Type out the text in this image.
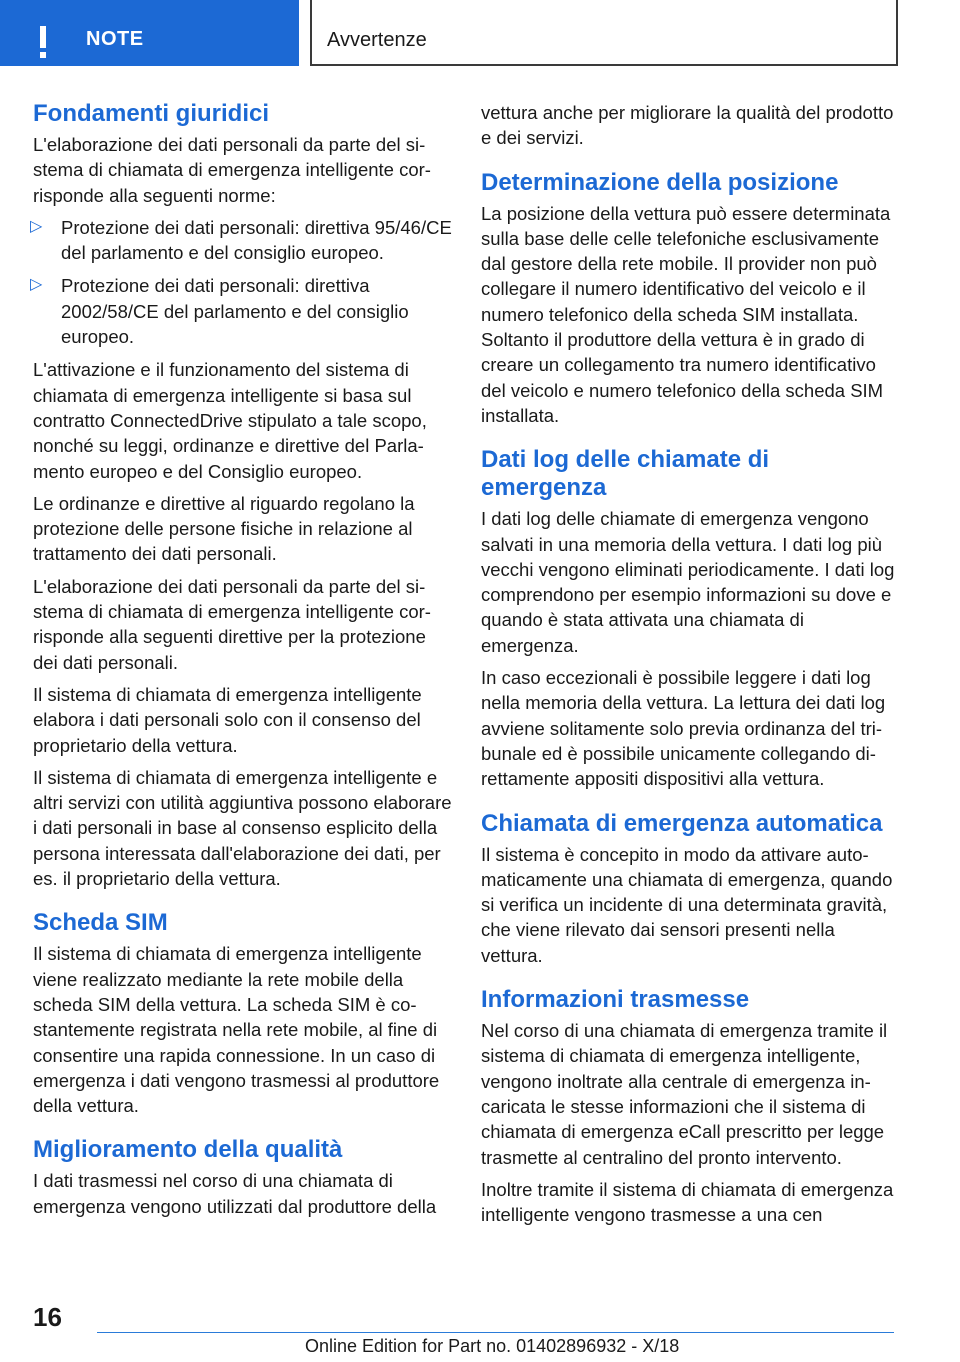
NOTE	Avvertenze
Fondamenti giuridici

L'elaborazione dei dati personali da parte del sistema di chiamata di emergenza intelligente corrisponde alla seguenti norme:

▷ Protezione dei dati personali: direttiva 95/46/CE del parlamento e del consiglio europeo.
▷ Protezione dei dati personali: direttiva 2002/58/CE del parlamento e del consiglio europeo.

L'attivazione e il funzionamento del sistema di chiamata di emergenza intelligente si basa sul contratto ConnectedDrive stipulato a tale scopo, nonché su leggi, ordinanze e direttive del Parlamento europeo e del Consiglio europeo.

Le ordinanze e direttive al riguardo regolano la protezione delle persone fisiche in relazione al trattamento dei dati personali.

L'elaborazione dei dati personali da parte del sistema di chiamata di emergenza intelligente corrisponde alla seguenti direttive per la protezione dei dati personali.

Il sistema di chiamata di emergenza intelligente elabora i dati personali solo con il consenso del proprietario della vettura.

Il sistema di chiamata di emergenza intelligente e altri servizi con utilità aggiuntiva possono elaborare i dati personali in base al consenso esplicito della persona interessata dall'elaborazione dei dati, per es. il proprietario della vettura.

Scheda SIM

Il sistema di chiamata di emergenza intelligente viene realizzato mediante la rete mobile della scheda SIM della vettura. La scheda SIM è costantemente registrata nella rete mobile, al fine di consentire una rapida connessione. In un caso di emergenza i dati vengono trasmessi al produttore della vettura.

Miglioramento della qualità

I dati trasmessi nel corso di una chiamata di emergenza vengono utilizzati dal produttore della

vettura anche per migliorare la qualità del prodotto e dei servizi.

Determinazione della posizione

La posizione della vettura può essere determinata sulla base delle celle telefoniche esclusivamente dal gestore della rete mobile. Il provider non può collegare il numero identificativo del veicolo e il numero telefonico della scheda SIM installata. Soltanto il produttore della vettura è in grado di creare un collegamento tra numero identificativo del veicolo e numero telefonico della scheda SIM installata.

Dati log delle chiamate di emergenza

I dati log delle chiamate di emergenza vengono salvati in una memoria della vettura. I dati log più vecchi vengono eliminati periodicamente. I dati log comprendono per esempio informazioni su dove e quando è stata attivata una chiamata di emergenza.

In caso eccezionali è possibile leggere i dati log nella memoria della vettura. La lettura dei dati log avviene solitamente solo previa ordinanza del tribunale ed è possibile unicamente collegando direttamente appositi dispositivi alla vettura.

Chiamata di emergenza automatica

Il sistema è concepito in modo da attivare automaticamente una chiamata di emergenza, quando si verifica un incidente di una determinata gravità, che viene rilevato dai sensori presenti nella vettura.

Informazioni trasmesse

Nel corso di una chiamata di emergenza tramite il sistema di chiamata di emergenza intelligente, vengono inoltrate alla centrale di emergenza incaricata le stesse informazioni che il sistema di chiamata di emergenza eCall prescritto per legge trasmette al centralino del pronto intervento.

Inoltre tramite il sistema di chiamata di emergenza intelligente vengono trasmesse a una cen

16
Online Edition for Part no. 01402896932 - X/18
